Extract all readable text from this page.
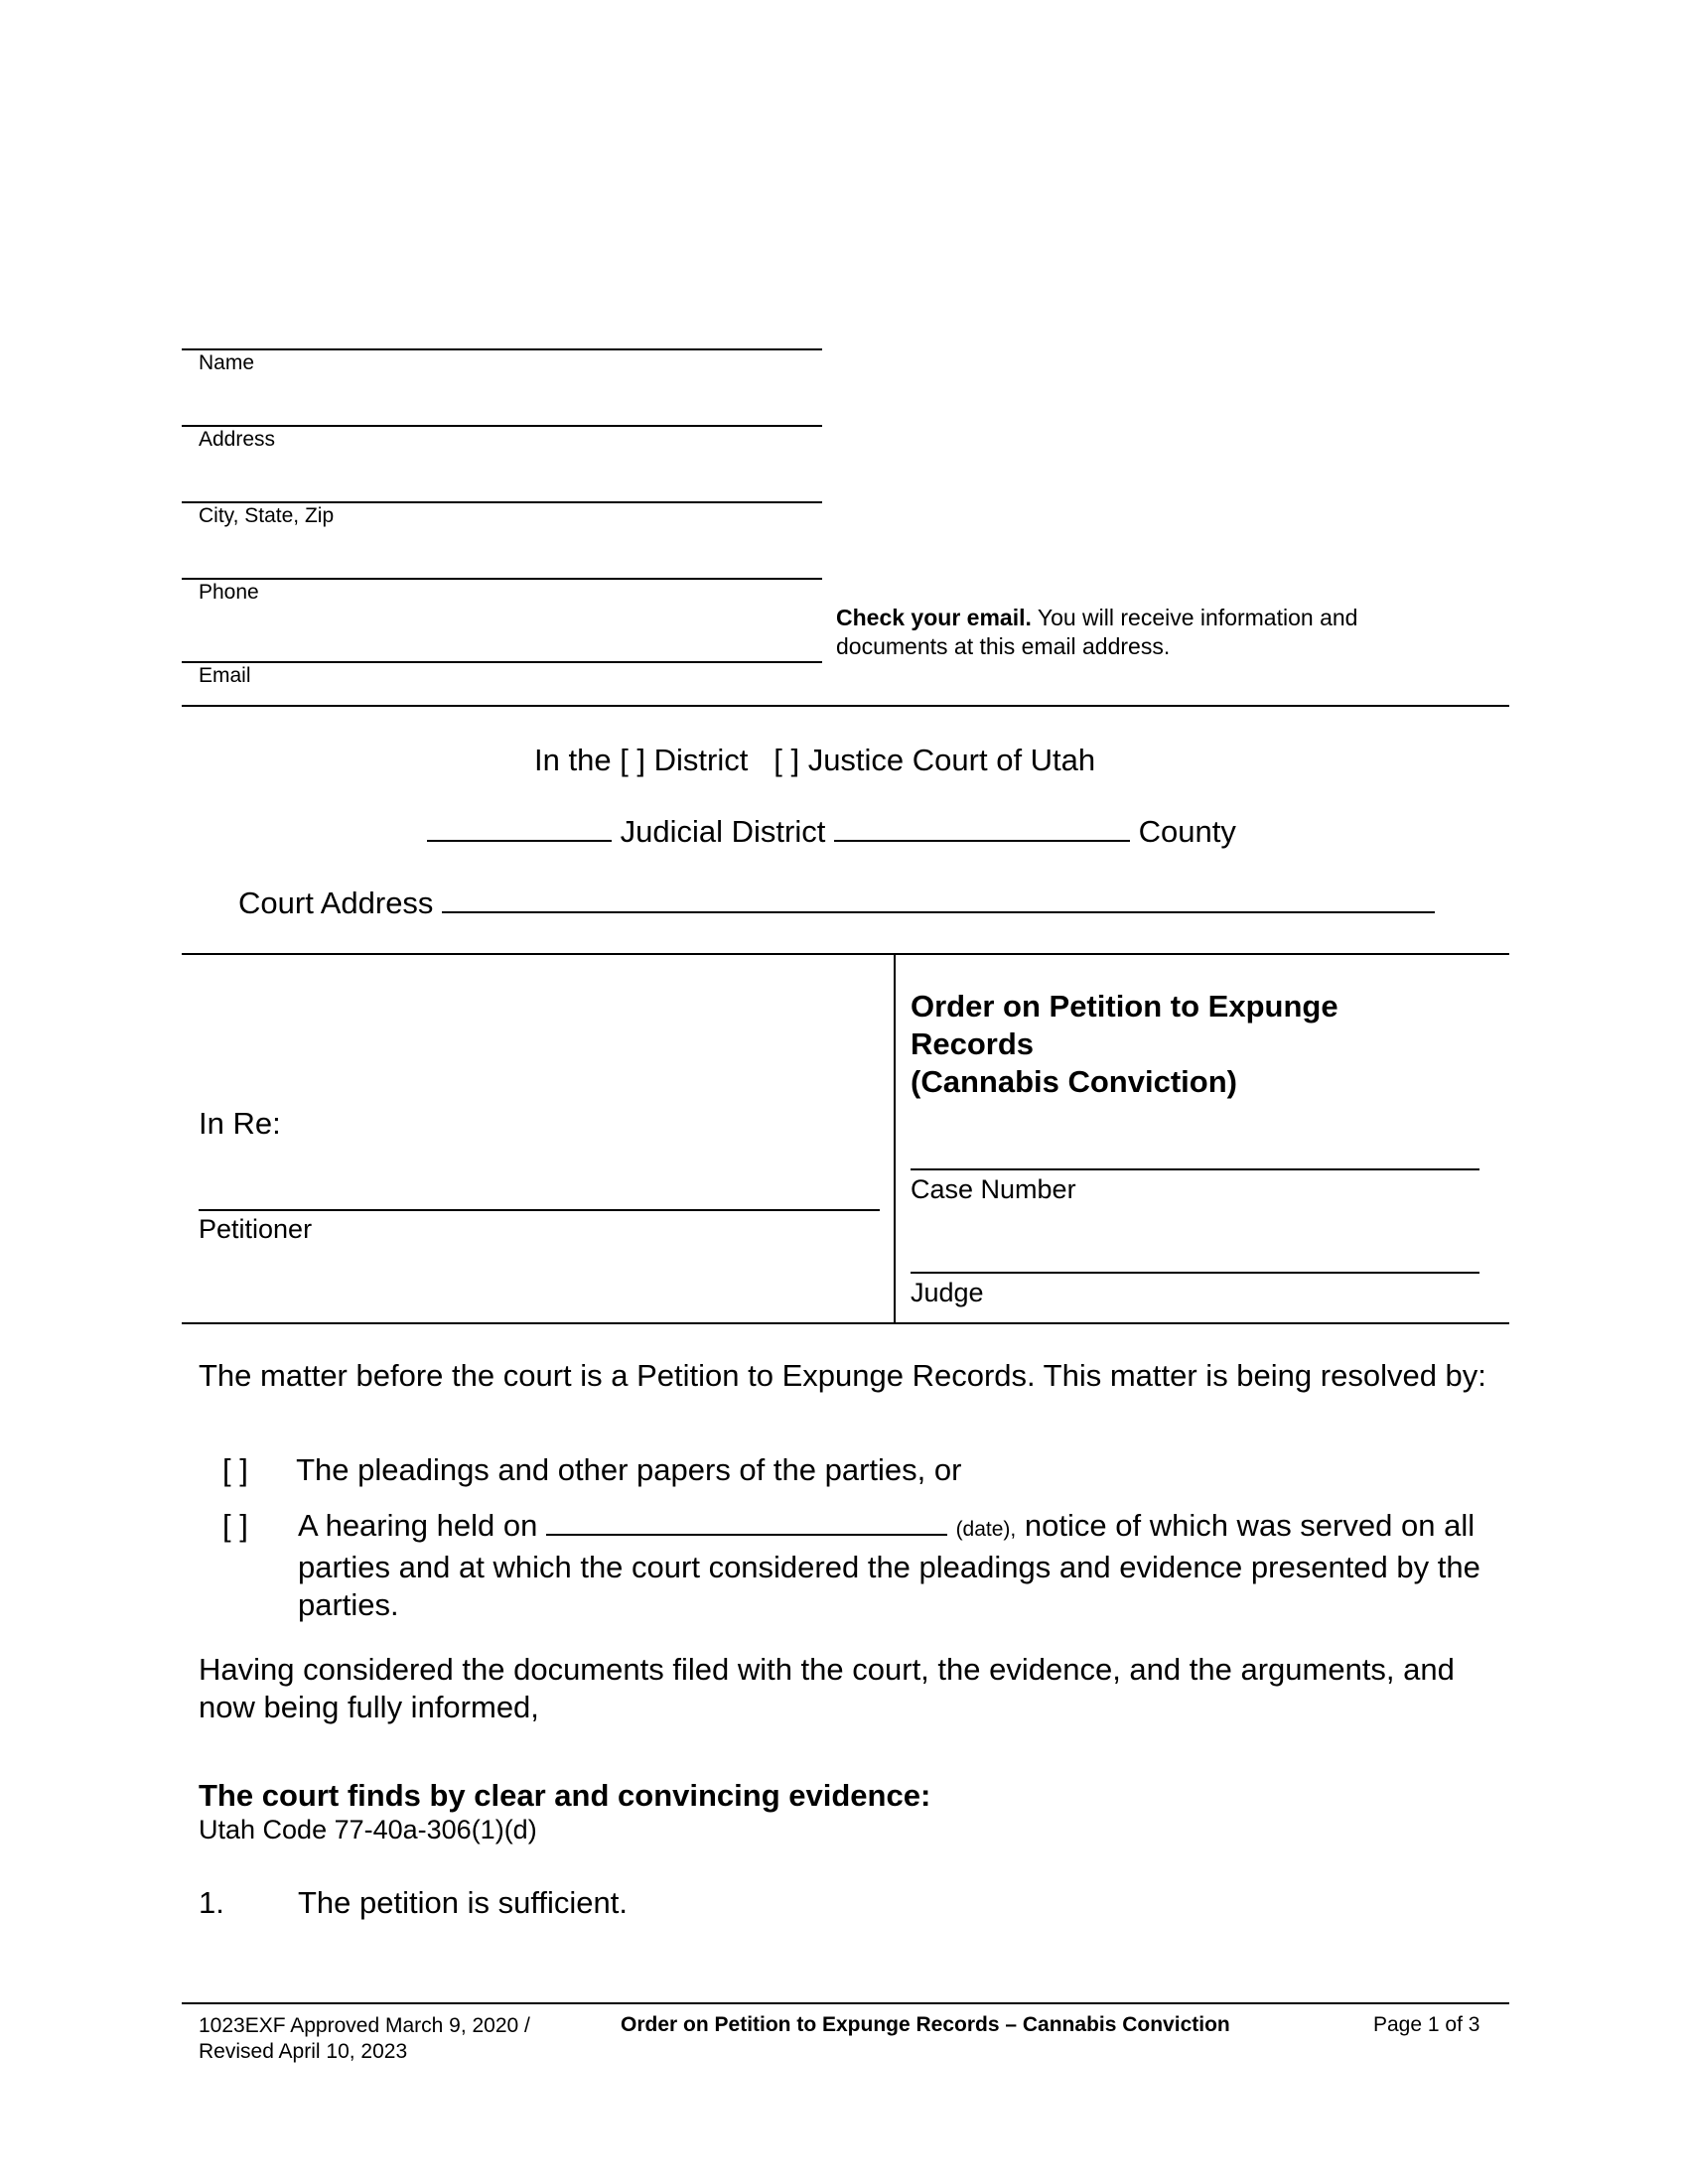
Name
Address
City, State, Zip
Phone
Email
Check your email. You will receive information and documents at this email address.
In the [ ] District [ ] Justice Court of Utah
Judicial District	County
Court Address
In Re:
Petitioner
Order on Petition to Expunge
Records
(Cannabis Conviction)
Case Number
Judge
The matter before the court is a Petition to Expunge Records. This matter is being resolved by:
[ ] The pleadings and other papers of the parties, or
[ ] A hearing held on	(date), notice of which was served on all parties and at which the court considered the pleadings and evidence presented by the parties.
Having considered the documents filed with the court, the evidence, and the arguments, and now being fully informed,
The court finds by clear and convincing evidence:
Utah Code 77-40a-306(1)(d)
1. The petition is sufficient.
1023EXF Approved March 9, 2020 /
Revised April 10, 2023
Order on Petition to Expunge Records – Cannabis Conviction	Page 1 of 3
